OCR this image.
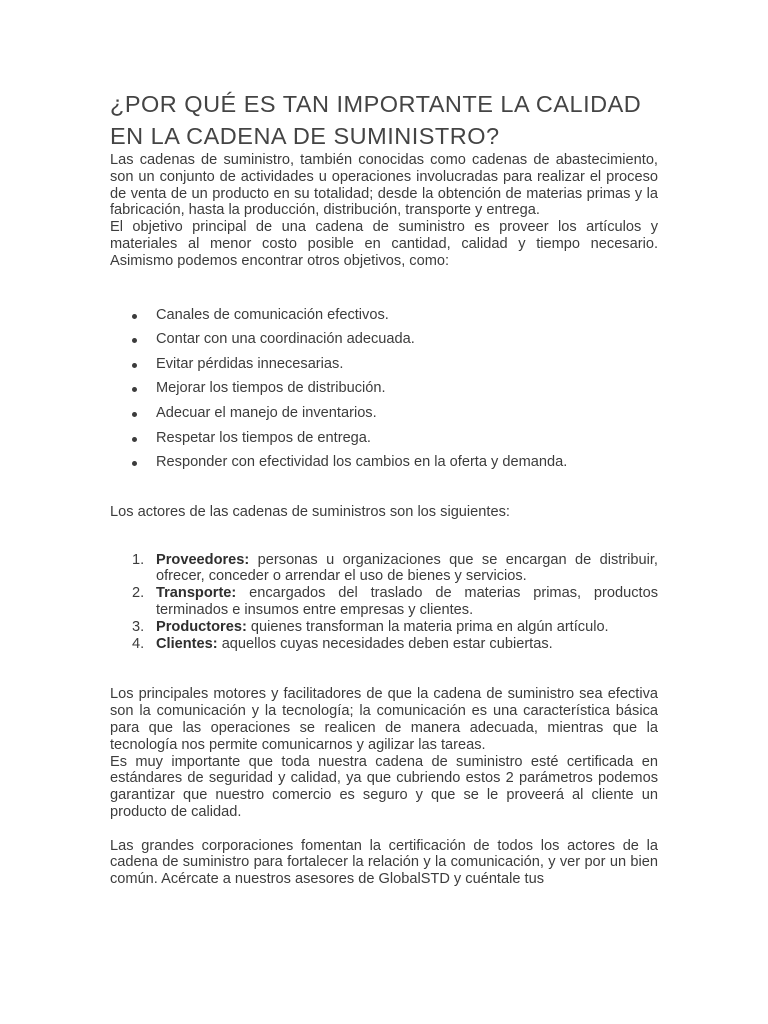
¿POR QUÉ ES TAN IMPORTANTE LA CALIDAD
EN LA CADENA DE SUMINISTRO?

Las cadenas de suministro, también conocidas como cadenas de abastecimiento, son un conjunto de actividades u operaciones involucradas para realizar el proceso de venta de un producto en su totalidad; desde la obtención de materias primas y la fabricación, hasta la producción, distribución, transporte y entrega.

El objetivo principal de una cadena de suministro es proveer los artículos y materiales al menor costo posible en cantidad, calidad y tiempo necesario. Asimismo podemos encontrar otros objetivos, como:

Canales de comunicación efectivos.
Contar con una coordinación adecuada.
Evitar pérdidas innecesarias.
Mejorar los tiempos de distribución.
Adecuar el manejo de inventarios.
Respetar los tiempos de entrega.
Responder con efectividad los cambios en la oferta y demanda.

Los actores de las cadenas de suministros son los siguientes:

1. Proveedores: personas u organizaciones que se encargan de distribuir, ofrecer, conceder o arrendar el uso de bienes y servicios.
2. Transporte: encargados del traslado de materias primas, productos terminados e insumos entre empresas y clientes.
3. Productores: quienes transforman la materia prima en algún artículo.
4. Clientes: aquellos cuyas necesidades deben estar cubiertas.

Los principales motores y facilitadores de que la cadena de suministro sea efectiva son la comunicación y la tecnología; la comunicación es una característica básica para que las operaciones se realicen de manera adecuada, mientras que la tecnología nos permite comunicarnos y agilizar las tareas.

Es muy importante que toda nuestra cadena de suministro esté certificada en estándares de seguridad y calidad, ya que cubriendo estos 2 parámetros podemos garantizar que nuestro comercio es seguro y que se le proveerá al cliente un producto de calidad.

Las grandes corporaciones fomentan la certificación de todos los actores de la cadena de suministro para fortalecer la relación y la comunicación, y ver por un bien común. Acércate a nuestros asesores de GlobalSTD y cuéntale tus
